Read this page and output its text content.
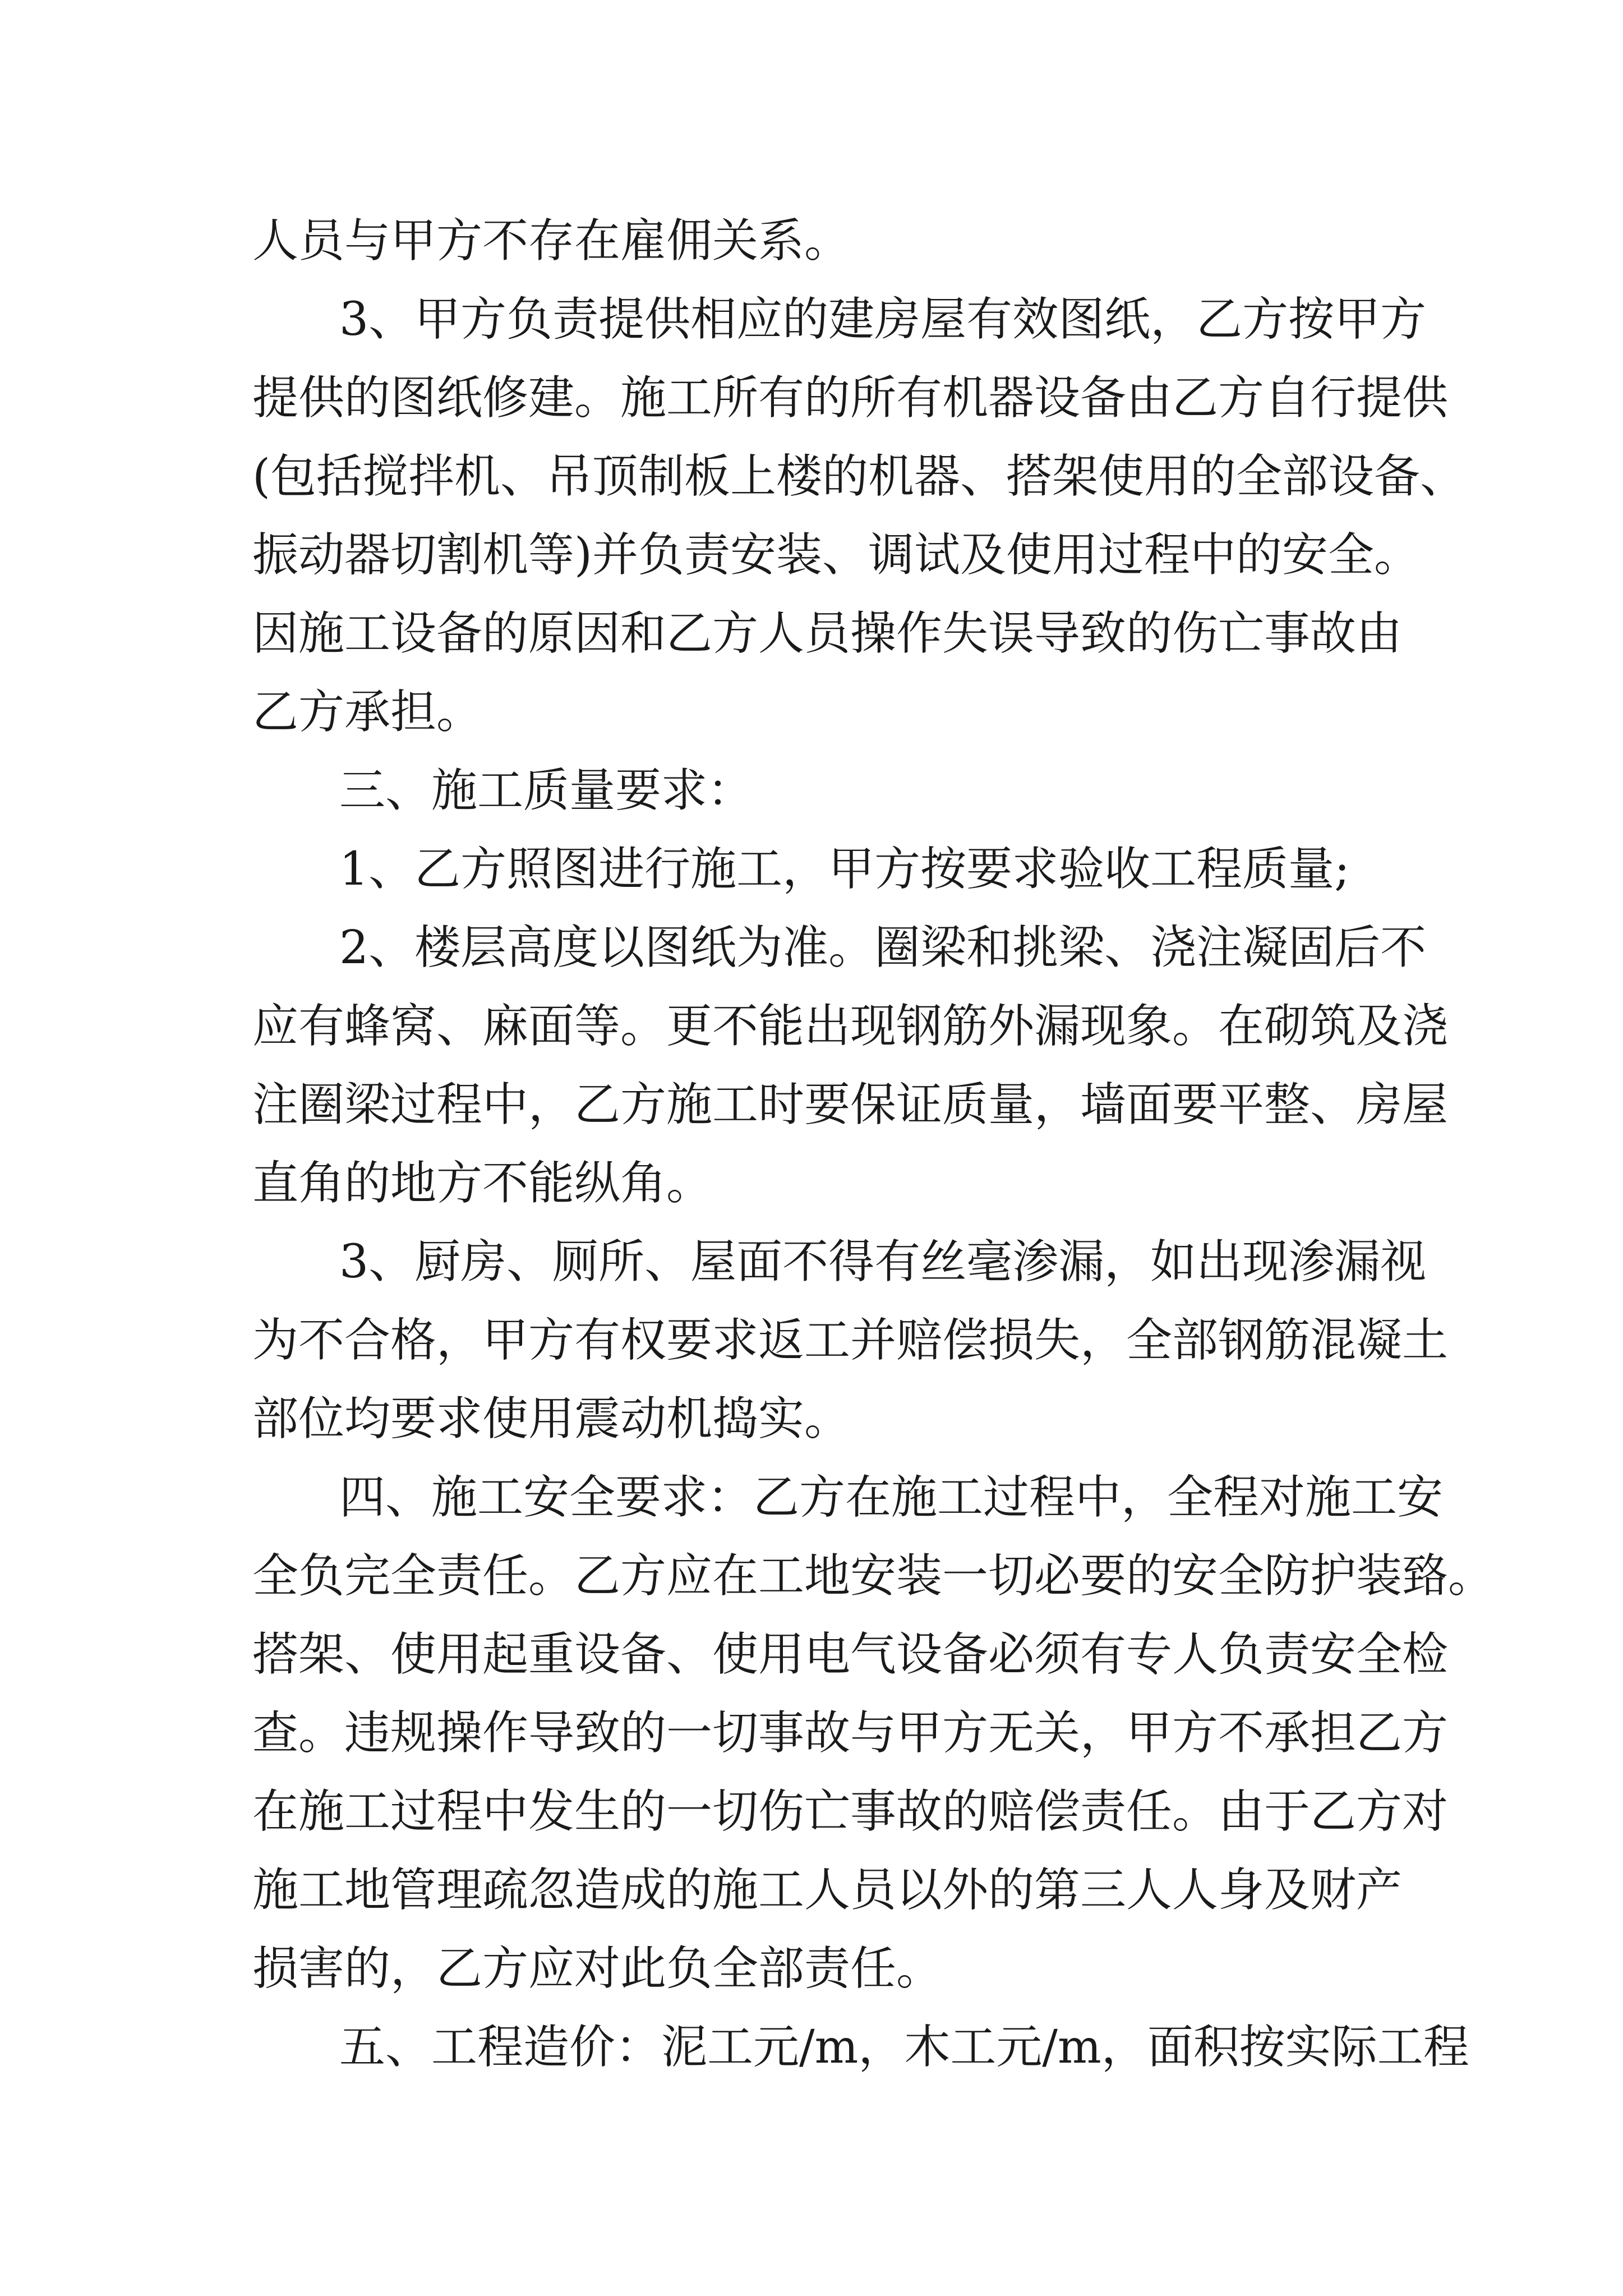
人员与甲方不存在雇佣关系。
3、甲方负责提供相应的建房屋有效图纸，乙方按甲方
提供的图纸修建。施工所有的所有机器设备由乙方自行提供
(包括搅拌机、吊顶制板上楼的机器、搭架使用的全部设备、
振动器切割机等)并负责安装、调试及使用过程中的安全。
因施工设备的原因和乙方人员操作失误导致的伤亡事故由
乙方承担。
三、施工质量要求：
1、乙方照图进行施工，甲方按要求验收工程质量;
2、楼层高度以图纸为准。圈梁和挑梁、浇注凝固后不
应有蜂窝、麻面等。更不能出现钢筋外漏现象。在砌筑及浇
注圈梁过程中，乙方施工时要保证质量，墙面要平整、房屋
直角的地方不能纵角。
3、厨房、厕所、屋面不得有丝毫渗漏，如出现渗漏视
为不合格，甲方有权要求返工并赔偿损失，全部钢筋混凝土
部位均要求使用震动机捣实。
四、施工安全要求：乙方在施工过程中，全程对施工安
全负完全责任。乙方应在工地安装一切必要的安全防护装臵。
搭架、使用起重设备、使用电气设备必须有专人负责安全检
查。违规操作导致的一切事故与甲方无关，甲方不承担乙方
在施工过程中发生的一切伤亡事故的赔偿责任。由于乙方对
施工地管理疏忽造成的施工人员以外的第三人人身及财产
损害的，乙方应对此负全部责任。
五、工程造价：泥工元/m，木工元/m，面积按实际工程
